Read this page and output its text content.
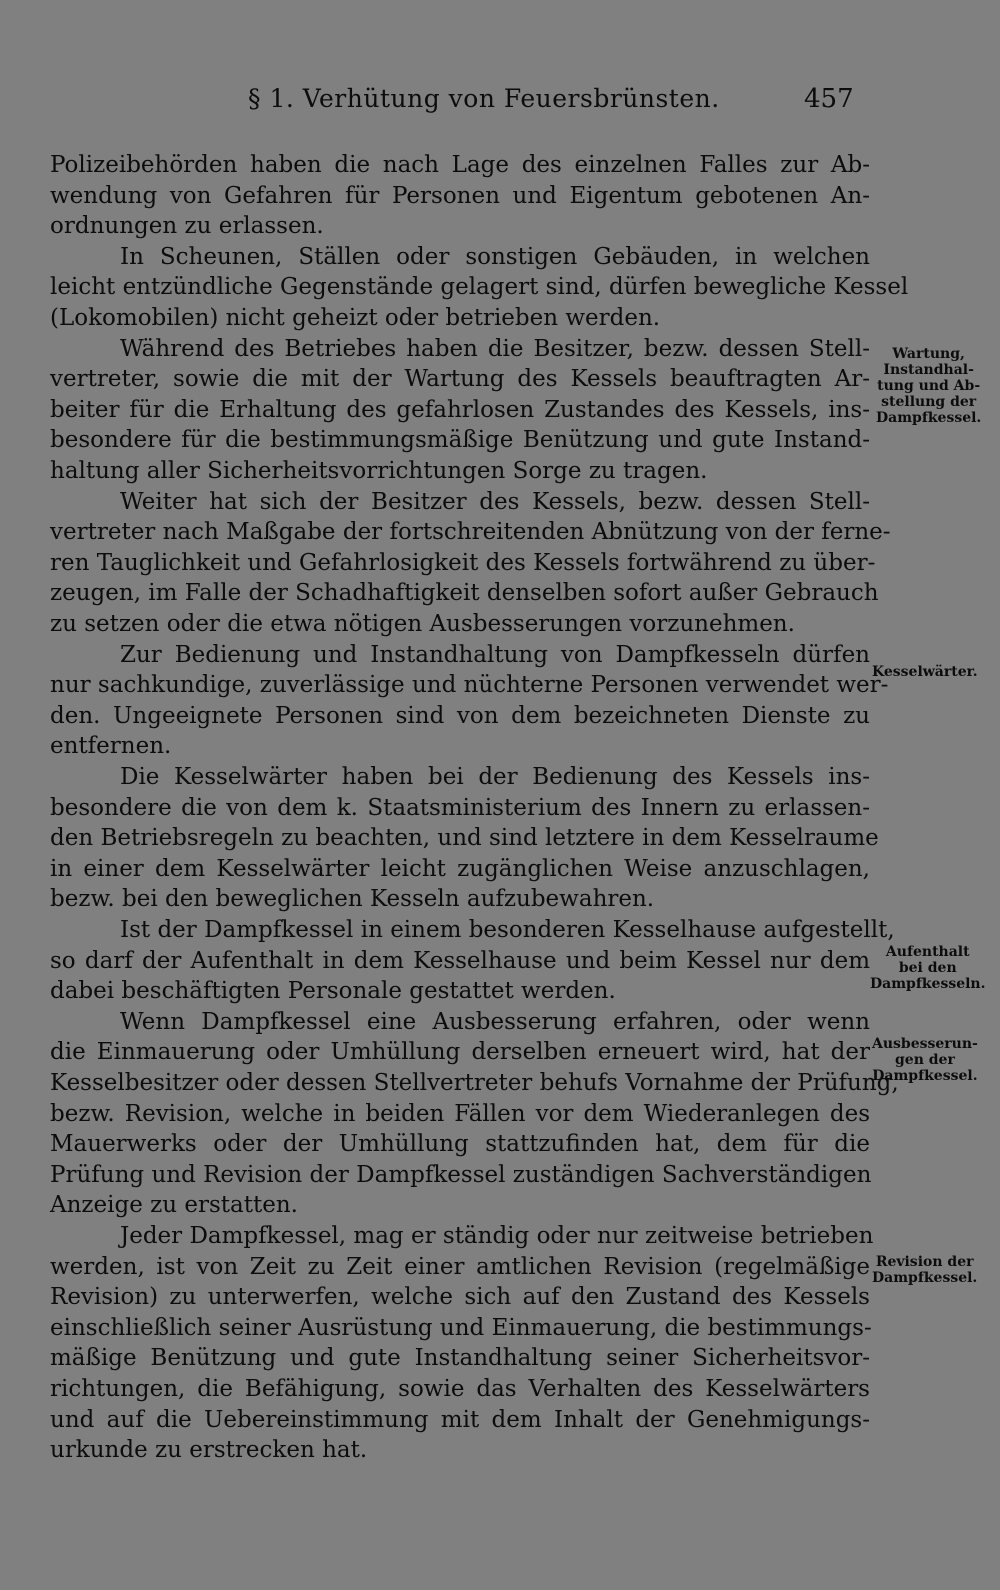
§ 1. Verhütung von Feuersbrünsten.	457
Polizeibehörden haben die nach Lage des einzelnen Falles zur Ab-
wendung von Gefahren für Personen und Eigentum gebotenen An-
ordnungen zu erlassen.
In Scheunen, Ställen oder sonstigen Gebäuden, in welchen
leicht entzündliche Gegenstände gelagert sind, dürfen bewegliche Kessel
(Lokomobilen) nicht geheizt oder betrieben werden.
Während des Betriebes haben die Besitzer, bezw. dessen Stell-
vertreter, sowie die mit der Wartung des Kessels beauftragten Ar-
beiter für die Erhaltung des gefahrlosen Zustandes des Kessels, ins-
besondere für die bestimmungsmäßige Benützung und gute Instand-
haltung aller Sicherheitsvorrichtungen Sorge zu tragen.
Weiter hat sich der Besitzer des Kessels, bezw. dessen Stell-
vertreter nach Maßgabe der fortschreitenden Abnützung von der ferne-
ren Tauglichkeit und Gefahrlosigkeit des Kessels fortwährend zu über-
zeugen, im Falle der Schadhaftigkeit denselben sofort außer Gebrauch
zu setzen oder die etwa nötigen Ausbesserungen vorzunehmen.
Zur Bedienung und Instandhaltung von Dampfkesseln dürfen
nur sachkundige, zuverlässige und nüchterne Personen verwendet wer-
den. Ungeeignete Personen sind von dem bezeichneten Dienste zu
entfernen.
Die Kesselwärter haben bei der Bedienung des Kessels ins-
besondere die von dem k. Staatsministerium des Innern zu erlassen-
den Betriebsregeln zu beachten, und sind letztere in dem Kesselraume
in einer dem Kesselwärter leicht zugänglichen Weise anzuschlagen,
bezw. bei den beweglichen Kesseln aufzubewahren.
Ist der Dampfkessel in einem besonderen Kesselhause aufgestellt,
so darf der Aufenthalt in dem Kesselhause und beim Kessel nur dem
dabei beschäftigten Personale gestattet werden.
Wenn Dampfkessel eine Ausbesserung erfahren, oder wenn
die Einmauerung oder Umhüllung derselben erneuert wird, hat der
Kesselbesitzer oder dessen Stellvertreter behufs Vornahme der Prüfung,
bezw. Revision, welche in beiden Fällen vor dem Wiederanlegen des
Mauerwerks oder der Umhüllung stattzufinden hat, dem für die
Prüfung und Revision der Dampfkessel zuständigen Sachverständigen
Anzeige zu erstatten.
Jeder Dampfkessel, mag er ständig oder nur zeitweise betrieben
werden, ist von Zeit zu Zeit einer amtlichen Revision (regelmäßige
Revision) zu unterwerfen, welche sich auf den Zustand des Kessels
einschließlich seiner Ausrüstung und Einmauerung, die bestimmungs-
mäßige Benützung und gute Instandhaltung seiner Sicherheitsvor-
richtungen, die Befähigung, sowie das Verhalten des Kesselwärters
und auf die Uebereinstimmung mit dem Inhalt der Genehmigungs-
urkunde zu erstrecken hat.
Wartung,
Instandhal-
tung und Ab-
stellung der
Dampfkessel.
Kesselwärter.
Aufenthalt
bei den
Dampfkesseln.
Ausbesserun-
gen der
Dampfkessel.
Revision der
Dampfkessel.
